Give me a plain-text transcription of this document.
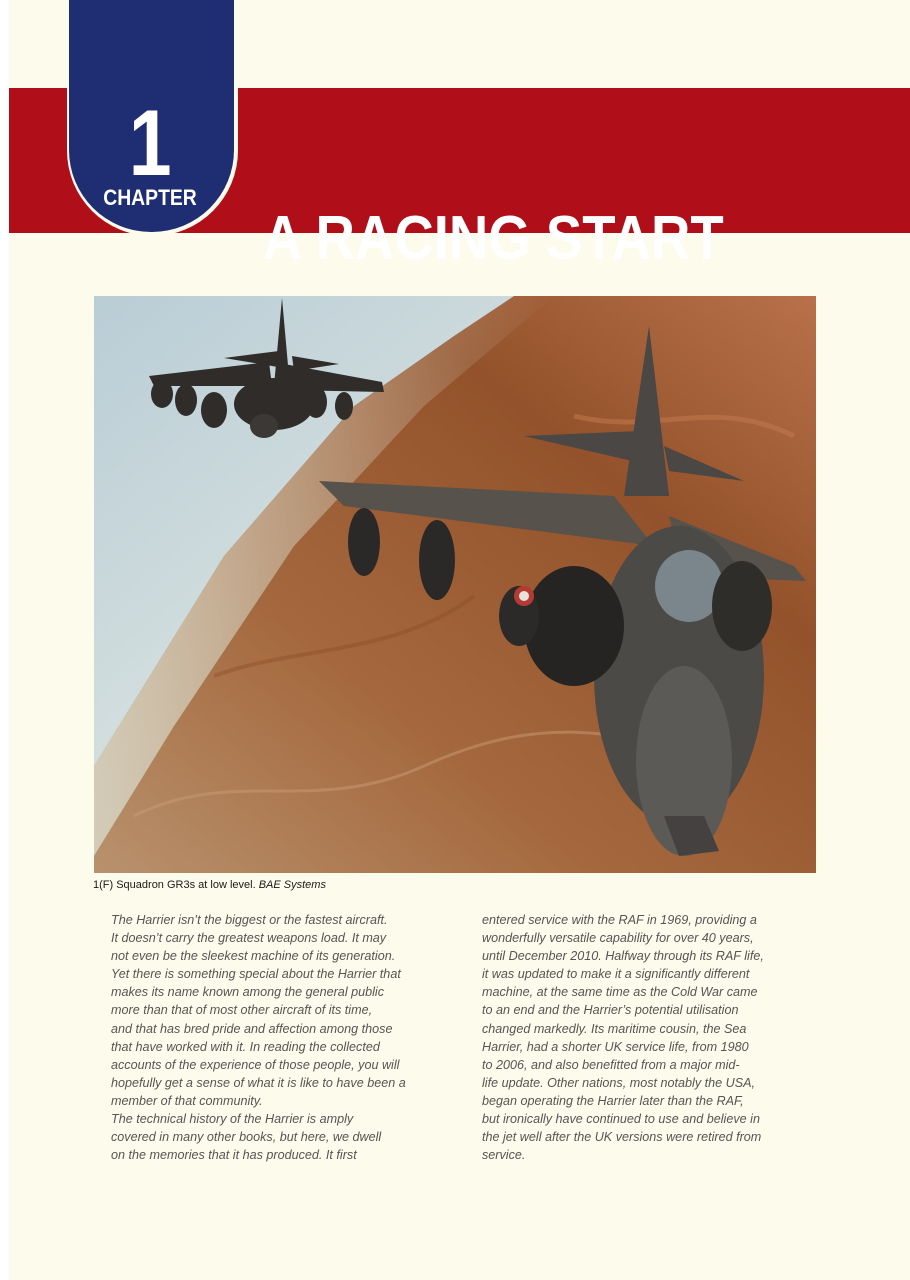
A RACING START
1
CHAPTER
1(F) Squadron GR3s at low level. BAE Systems

The Harrier isn’t the biggest or the fastest aircraft.

It doesn’t carry the greatest weapons load. It may

not even be the sleekest machine of its generation.

Yet there is something special about the Harrier that

makes its name known among the general public

more than that of most other aircraft of its time,

and that has bred pride and affection among those

that have worked with it. In reading the collected

accounts of the experience of those people, you will

hopefully get a sense of what it is like to have been a

member of that community.

The technical history of the Harrier is amply

covered in many other books, but here, we dwell

on the memories that it has produced. It first

entered service with the RAF in 1969, providing a

wonderfully versatile capability for over 40 years,

until December 2010. Halfway through its RAF life,

it was updated to make it a significantly different

machine, at the same time as the Cold War came

to an end and the Harrier’s potential utilisation

changed markedly. Its maritime cousin, the Sea

Harrier, had a shorter UK service life, from 1980

to 2006, and also benefitted from a major mid-

life update. Other nations, most notably the USA,

began operating the Harrier later than the RAF,

but ironically have continued to use and believe in

the jet well after the UK versions were retired from

service.
